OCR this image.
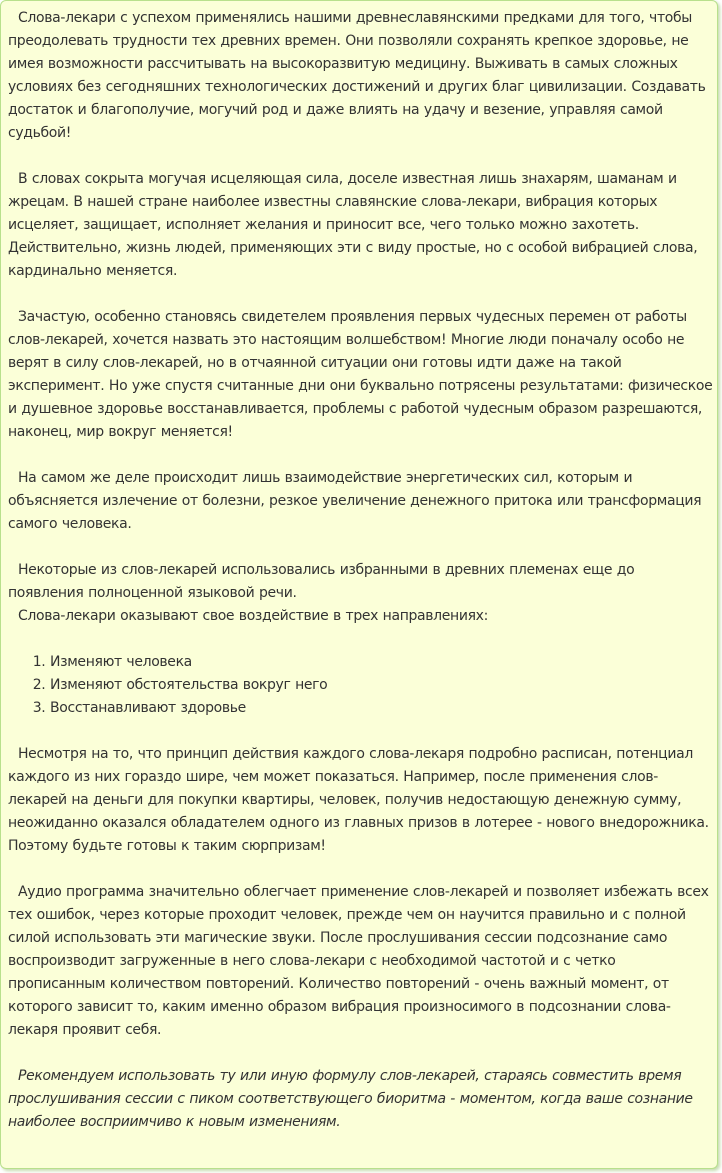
Слова-лекари с успехом применялись нашими древнеславянскими предками для того, чтобы преодолевать трудности тех древних времен. Они позволяли сохранять крепкое здоровье, не имея возможности рассчитывать на высокоразвитую медицину. Выживать в самых сложных условиях без сегодняшних технологических достижений и других благ цивилизации. Создавать достаток и благополучие, могучий род и даже влиять на удачу и везение, управляя самой судьбой!

В словах сокрыта могучая исцеляющая сила, доселе известная лишь знахарям, шаманам и жрецам. В нашей стране наиболее известны славянские слова-лекари, вибрация которых исцеляет, защищает, исполняет желания и приносит все, чего только можно захотеть. Действительно, жизнь людей, применяющих эти с виду простые, но с особой вибрацией слова, кардинально меняется.

Зачастую, особенно становясь свидетелем проявления первых чудесных перемен от работы слов-лекарей, хочется назвать это настоящим волшебством! Многие люди поначалу особо не верят в силу слов-лекарей, но в отчаянной ситуации они готовы идти даже на такой эксперимент. Но уже спустя считанные дни они буквально потрясены результатами: физическое и душевное здоровье восстанавливается, проблемы с работой чудесным образом разрешаются, наконец, мир вокруг меняется!

На самом же деле происходит лишь взаимодействие энергетических сил, которым и объясняется излечение от болезни, резкое увеличение денежного притока или трансформация самого человека.

Некоторые из слов-лекарей использовались избранными в древних племенах еще до появления полноценной языковой речи.

Слова-лекари оказывают свое воздействие в трех направлениях:

1. Изменяют человека
2. Изменяют обстоятельства вокруг него
3. Восстанавливают здоровье

Несмотря на то, что принцип действия каждого слова-лекаря подробно расписан, потенциал каждого из них гораздо шире, чем может показаться. Например, после применения слов-лекарей на деньги для покупки квартиры, человек, получив недостающую денежную сумму, неожиданно оказался обладателем одного из главных призов в лотерее - нового внедорожника. Поэтому будьте готовы к таким сюрпризам!

Аудио программа значительно облегчает применение слов-лекарей и позволяет избежать всех тех ошибок, через которые проходит человек, прежде чем он научится правильно и с полной силой использовать эти магические звуки. После прослушивания сессии подсознание само воспроизводит загруженные в него слова-лекари с необходимой частотой и с четко прописанным количеством повторений. Количество повторений - очень важный момент, от которого зависит то, каким именно образом вибрация произносимого в подсознании слова-лекаря проявит себя.

Рекомендуем использовать ту или иную формулу слов-лекарей, стараясь совместить время прослушивания сессии с пиком соответствующего биоритма - моментом, когда ваше сознание наиболее восприимчиво к новым изменениям.
